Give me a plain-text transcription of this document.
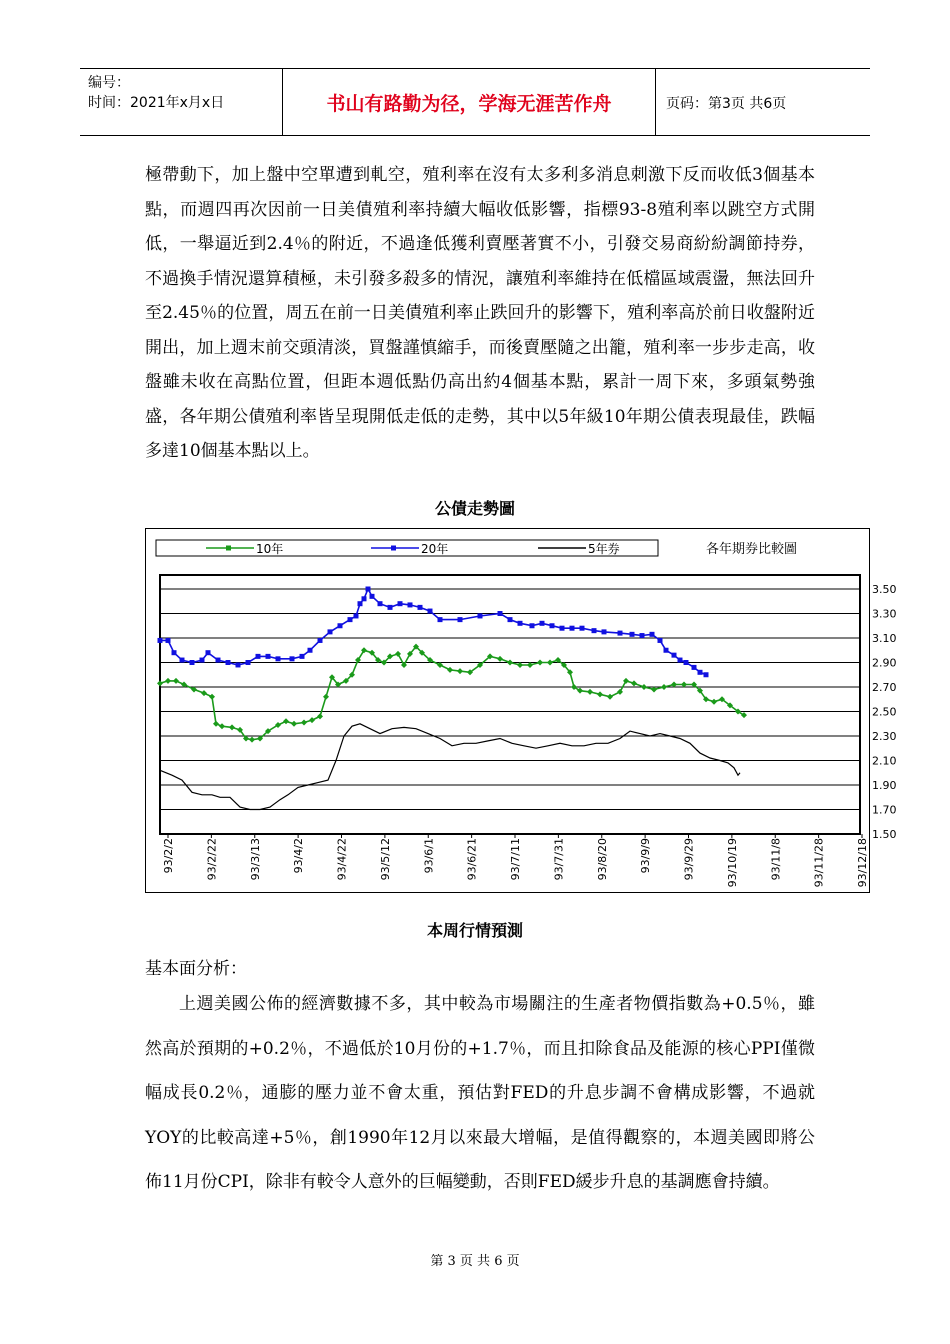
编号：
时间：2021年x月x日	书山有路勤为径，学海无涯苦作舟	页码：第3页 共6页

極帶動下，加上盤中空單遭到軋空，殖利率在沒有太多利多消息刺激下反而收低3個基本點，而週四再次因前一日美債殖利率持續大幅收低影響，指標93-8殖利率以跳空方式開低，一舉逼近到2.4％的附近，不過逢低獲利賣壓著實不小，引發交易商紛紛調節持券，不過換手情況還算積極，未引發多殺多的情況，讓殖利率維持在低檔區域震盪，無法回升至2.45％的位置，周五在前一日美債殖利率止跌回升的影響下，殖利率高於前日收盤附近開出，加上週末前交頭清淡，買盤謹慎縮手，而後賣壓隨之出籠，殖利率一步步走高，收盤雖未收在高點位置，但距本週低點仍高出約4個基本點，累計一周下來，多頭氣勢強盛，各年期公債殖利率皆呈現開低走低的走勢，其中以5年級10年期公債表現最佳，跌幅多達10個基本點以上。

公債走勢圖
10年	20年	5年券	各年期券比較圖
3.50
3.30
3.10
2.90
2.70
2.50
2.30
2.10
1.90
1.70
1.50
93/2/2	93/2/22	93/3/13	93/4/2	93/4/22	93/5/12	93/6/1	93/6/21	93/7/11	93/7/31	93/8/20	93/9/9	93/9/29	93/10/19	93/11/8	93/11/28	93/12/18
本周行情預測
基本面分析：

上週美國公佈的經濟數據不多，其中較為市場關注的生產者物價指數為+0.5％，雖然高於預期的+0.2％，不過低於10月份的+1.7％，而且扣除食品及能源的核心PPI僅微幅成長0.2％，通膨的壓力並不會太重，預估對FED的升息步調不會構成影響，不過就YOY的比較高達+5％，創1990年12月以來最大增幅，是值得觀察的，本週美國即將公佈11月份CPI，除非有較令人意外的巨幅變動，否則FED緩步升息的基調應會持續。

第 3 页 共 6 页
